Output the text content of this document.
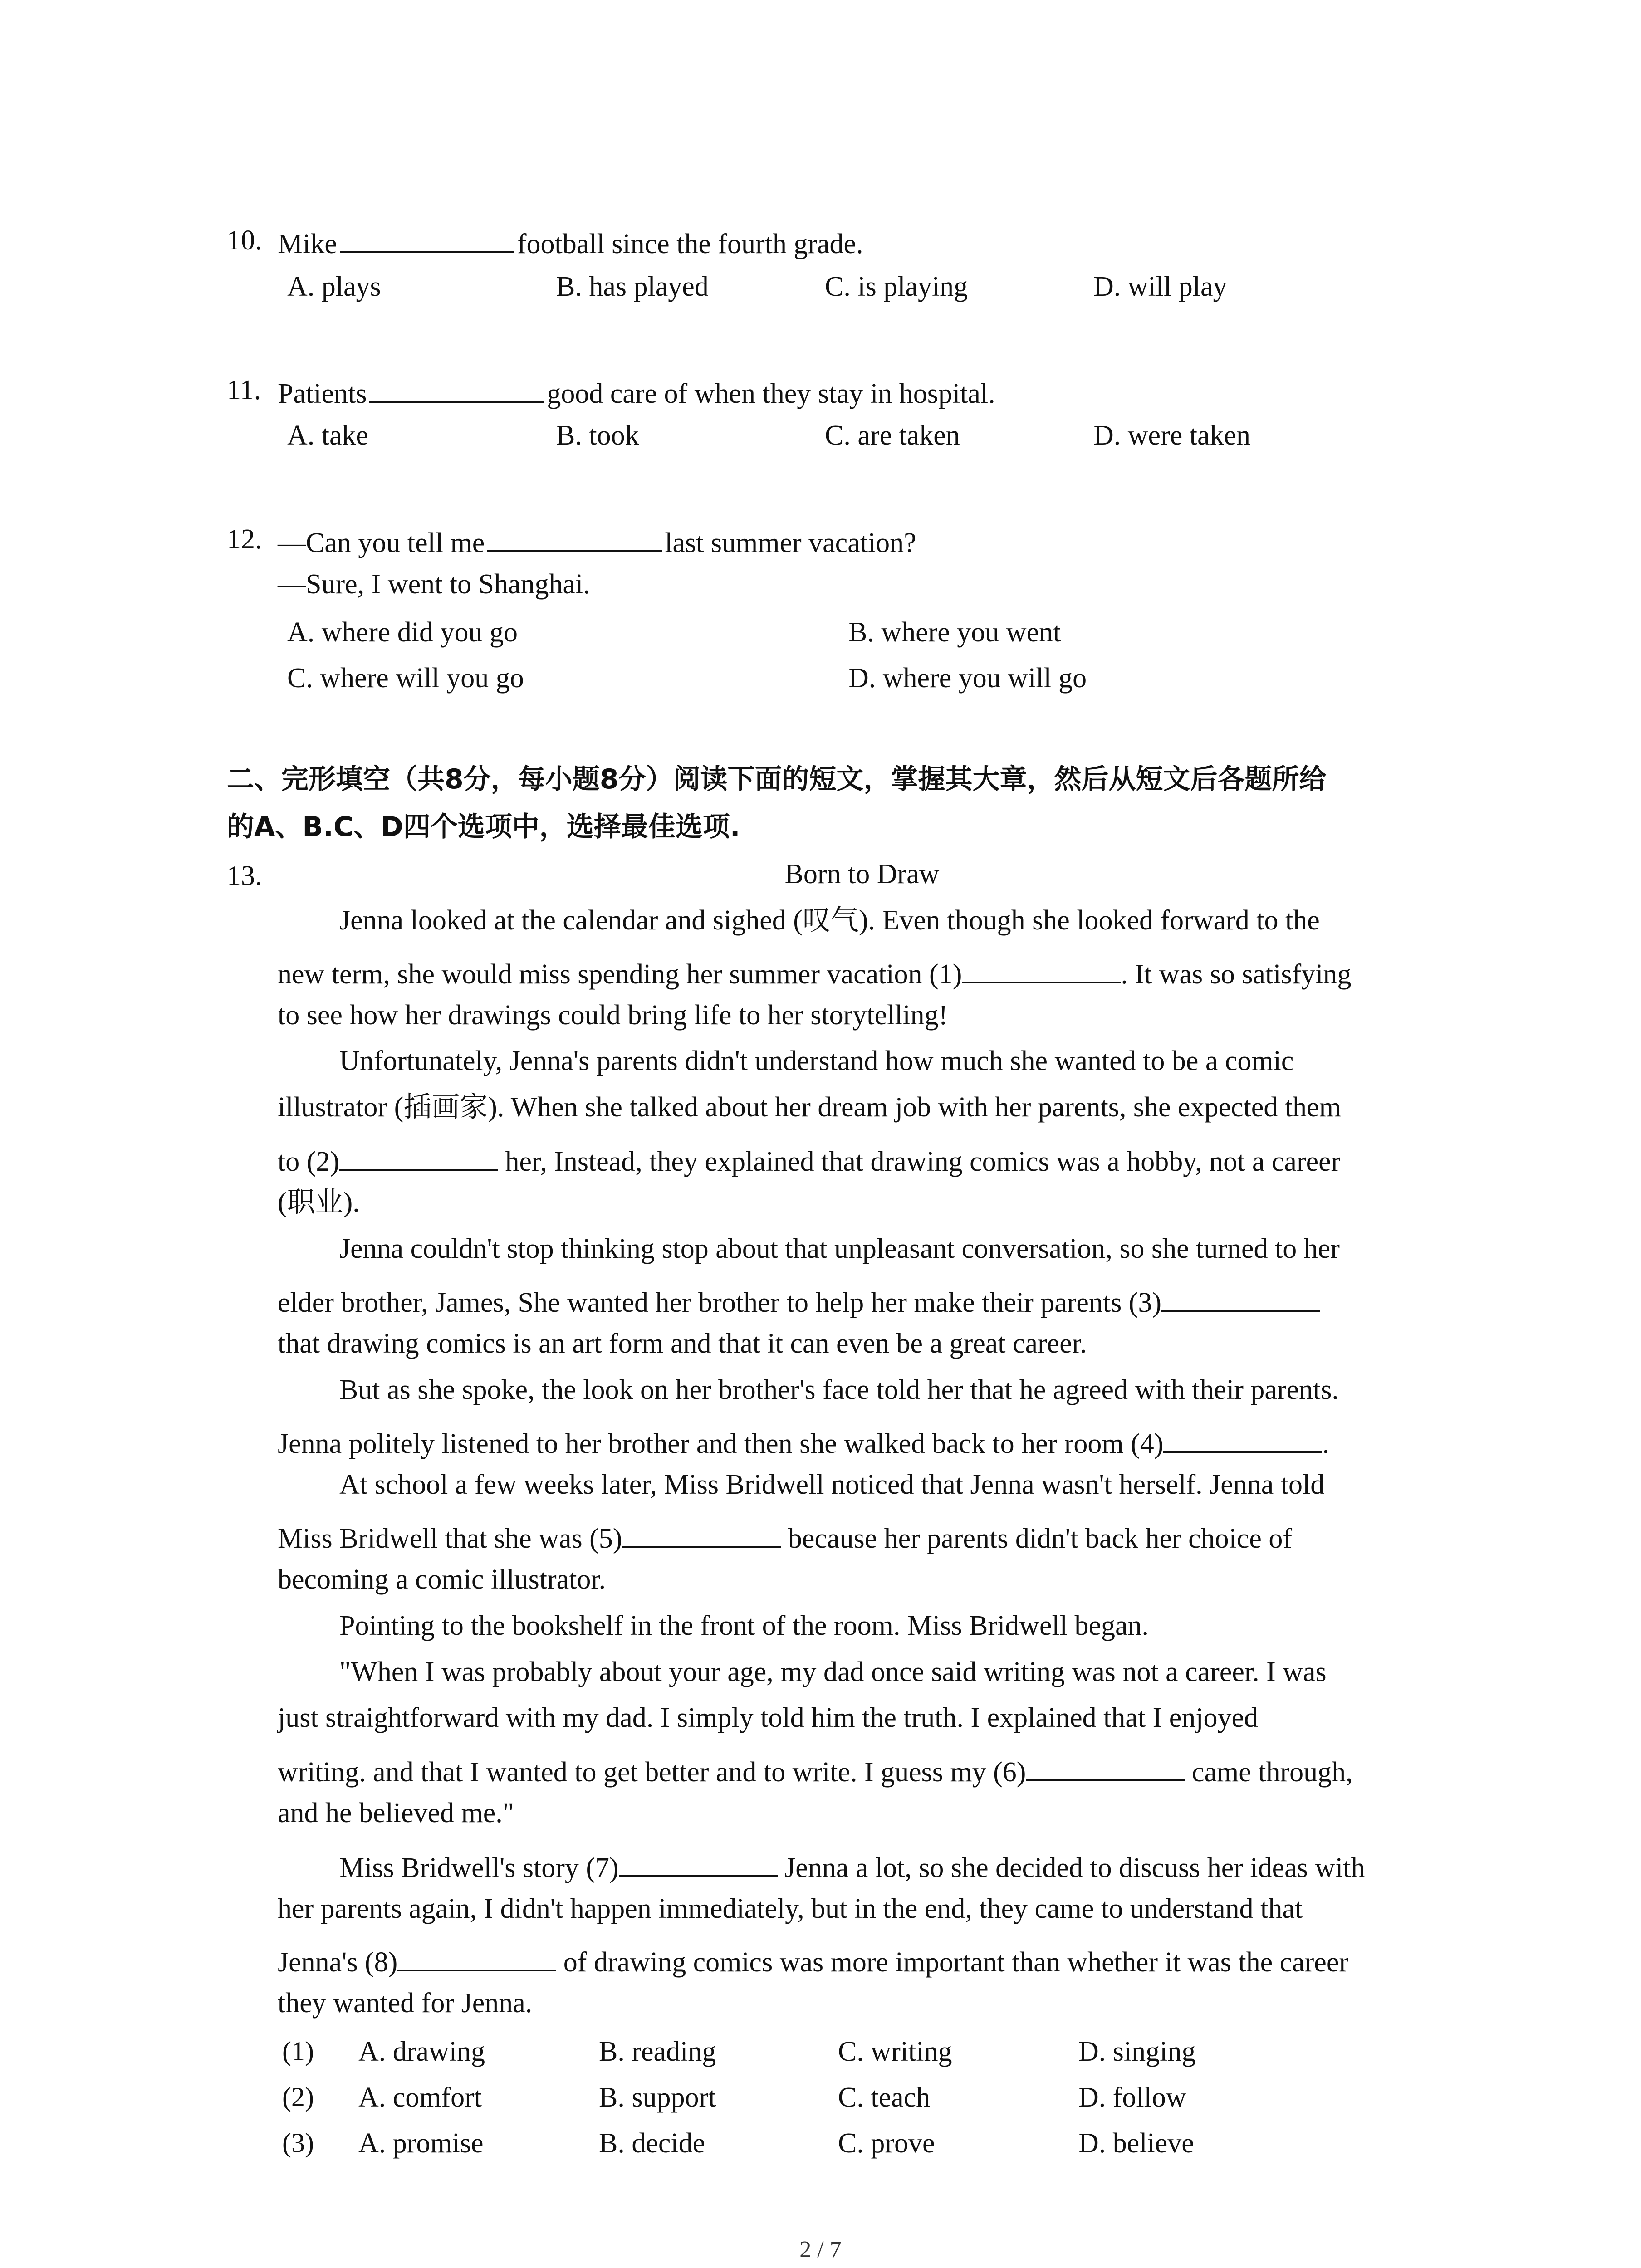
10. Mike	football since the fourth grade.
A. plays	B. has played	C. is playing	D. will play
11. Patients	good care of when they stay in hospital.
A. take	B. took	C. are taken	D. were taken
12. —Can you tell me	last summer vacation?
—Sure, I went to Shanghai.
A. where did you go	B. where you went
C. where will you go	D. where you will go
二、完形填空（共8分，每小题8分）阅读下面的短文，掌握其大章，然后从短文后各题所给
的A、B.C、D四个选项中，选择最佳选项.
13.	Born to Draw
Jenna looked at the calendar and sighed (叹气). Even though she looked forward to the
new term, she would miss spending her summer vacation (1)	. It was so satisfying
to see how her drawings could bring life to her storytelling!
Unfortunately, Jenna's parents didn't understand how much she wanted to be a comic
illustrator (插画家). When she talked about her dream job with her parents, she expected them
to (2)	her, Instead, they explained that drawing comics was a hobby, not a career
(职业).
Jenna couldn't stop thinking stop about that unpleasant conversation, so she turned to her
elder brother, James, She wanted her brother to help her make their parents (3)
that drawing comics is an art form and that it can even be a great career.
But as she spoke, the look on her brother's face told her that he agreed with their parents.
Jenna politely listened to her brother and then she walked back to her room (4)	.
At school a few weeks later, Miss Bridwell noticed that Jenna wasn't herself. Jenna told
Miss Bridwell that she was (5)	because her parents didn't back her choice of
becoming a comic illustrator.
Pointing to the bookshelf in the front of the room. Miss Bridwell began.
"When I was probably about your age, my dad once said writing was not a career. I was
just straightforward with my dad. I simply told him the truth. I explained that I enjoyed
writing. and that I wanted to get better and to write. I guess my (6)	came through,
and he believed me."
Miss Bridwell's story (7)	Jenna a lot, so she decided to discuss her ideas with
her parents again, I didn't happen immediately, but in the end, they came to understand that
Jenna's (8)	of drawing comics was more important than whether it was the career
they wanted for Jenna.
(1) A. drawing	B. reading	C. writing	D. singing
(2) A. comfort	B. support	C. teach	D. follow
(3) A. promise	B. decide	C. prove	D. believe
2 / 7
